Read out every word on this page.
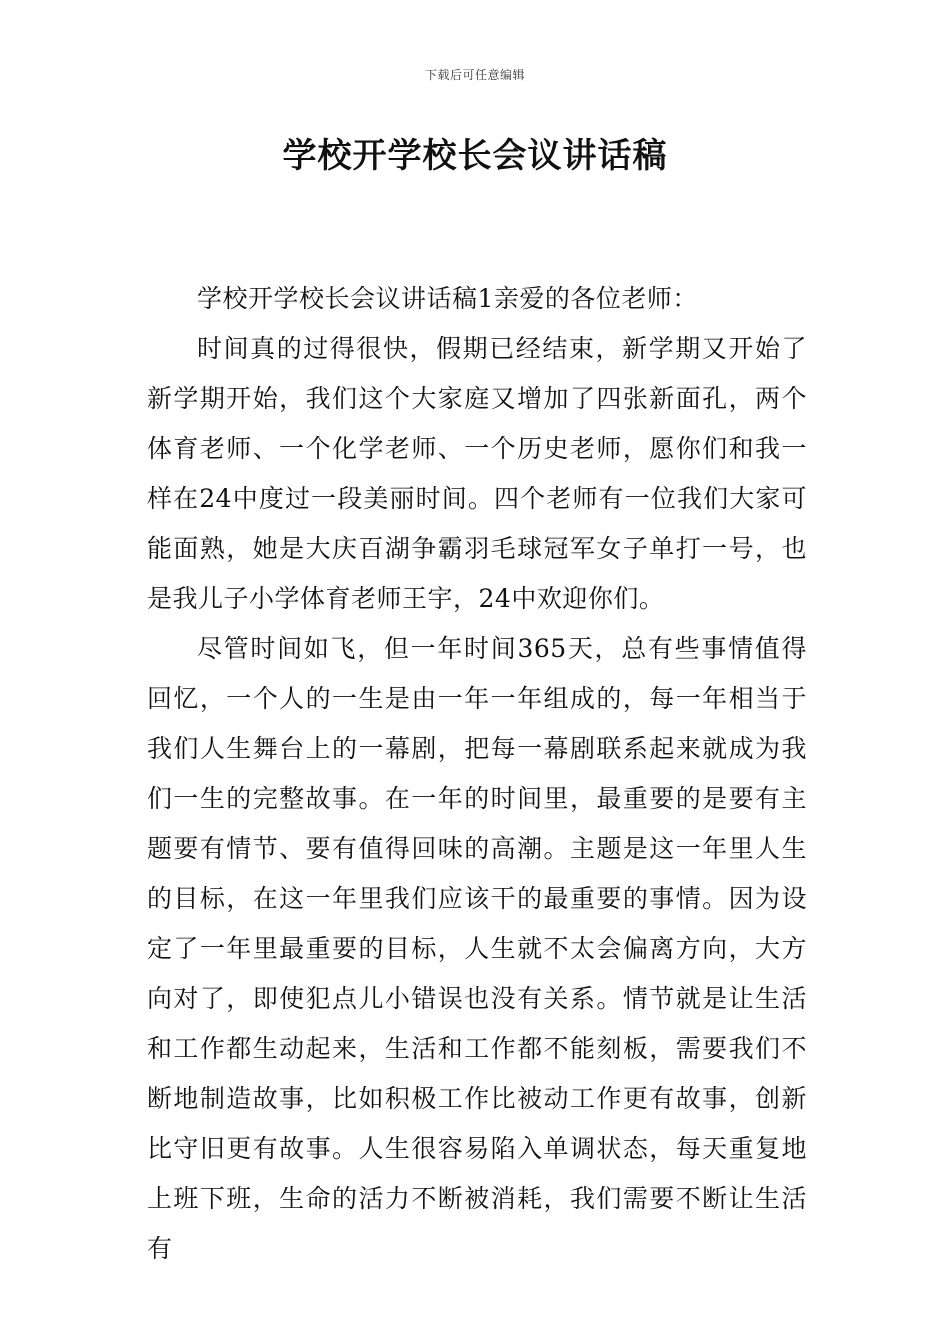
下载后可任意编辑
学校开学校长会议讲话稿

学校开学校长会议讲话稿1亲爱的各位老师：

时间真的过得很快，假期已经结束，新学期又开始了新学期开始，我们这个大家庭又增加了四张新面孔，两个体育老师、一个化学老师、一个历史老师，愿你们和我一样在24中度过一段美丽时间。四个老师有一位我们大家可能面熟，她是大庆百湖争霸羽毛球冠军女子单打一号，也是我儿子小学体育老师王宇，24中欢迎你们。

尽管时间如飞，但一年时间365天，总有些事情值得回忆，一个人的一生是由一年一年组成的，每一年相当于我们人生舞台上的一幕剧，把每一幕剧联系起来就成为我们一生的完整故事。在一年的时间里，最重要的是要有主题要有情节、要有值得回味的高潮。主题是这一年里人生的目标，在这一年里我们应该干的最重要的事情。因为设定了一年里最重要的目标，人生就不太会偏离方向，大方向对了，即使犯点儿小错误也没有关系。情节就是让生活和工作都生动起来，生活和工作都不能刻板，需要我们不断地制造故事，比如积极工作比被动工作更有故事，创新比守旧更有故事。人生很容易陷入单调状态，每天重复地上班下班，生命的活力不断被消耗，我们需要不断让生活有
